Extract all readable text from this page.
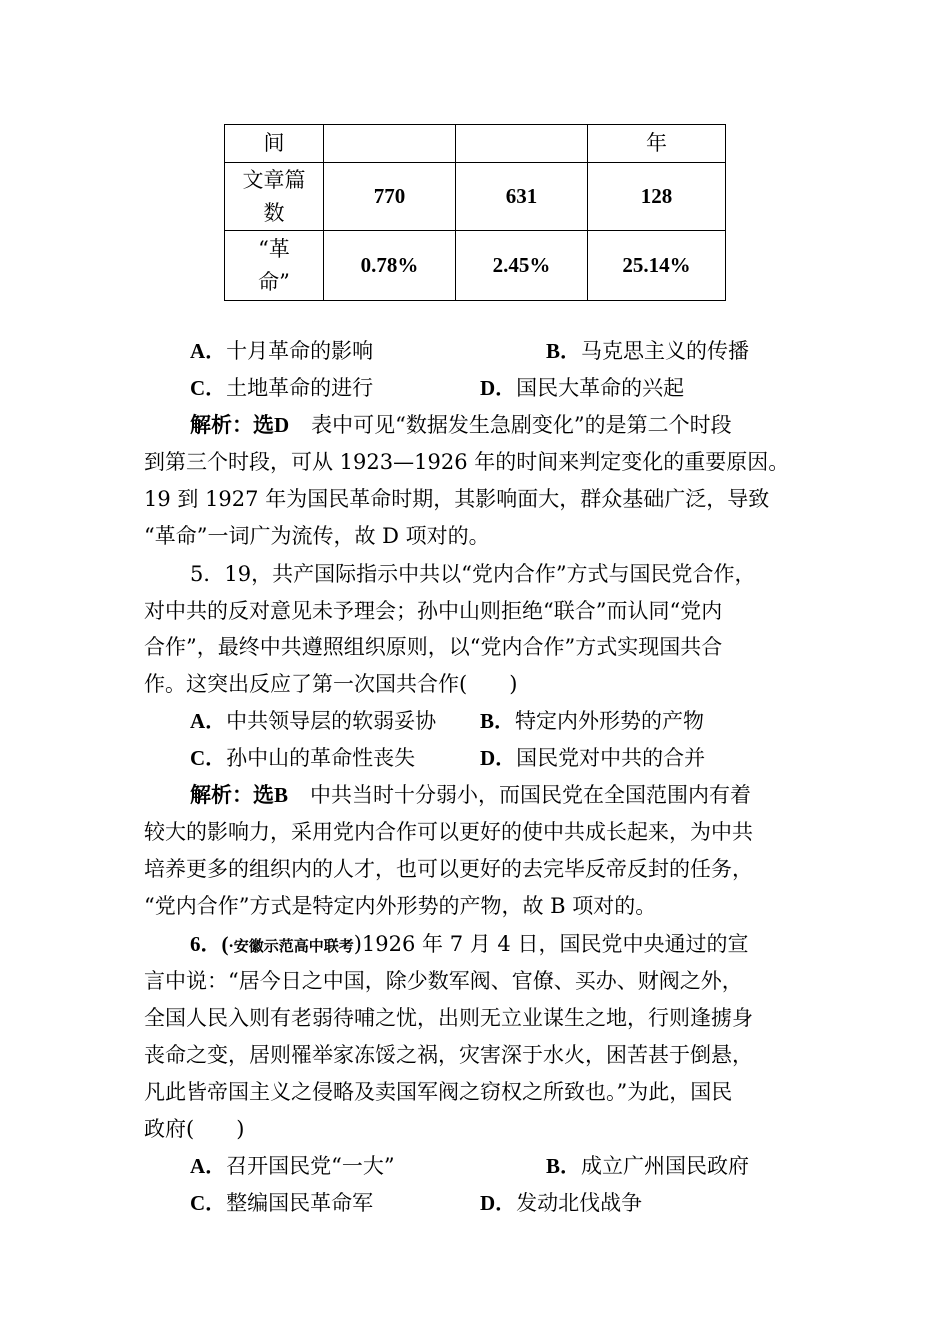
间			年
文章篇
数	770	631	128
“革
命”	0.78%	2.45%	25.14%
A．十月革命的影响	B．马克思主义的传播
C．土地革命的进行	D．国民大革命的兴起
解析：选D 表中可见“数据发生急剧变化”的是第二个时段
到第三个时段，可从 1923—1926 年的时间来判定变化的重要原因。
19 到 1927 年为国民革命时期，其影响面大，群众基础广泛，导致
“革命”一词广为流传，故 D 项对的。
5．19，共产国际指示中共以“党内合作”方式与国民党合作，
对中共的反对意见未予理会；孙中山则拒绝“联合”而认同“党内
合作”，最终中共遵照组织原则，以“党内合作”方式实现国共合
作。这突出反应了第一次国共合作(　　)
A．中共领导层的软弱妥协 B．特定内外形势的产物
C．孙中山的革命性丧失	D．国民党对中共的合并
解析：选B 中共当时十分弱小，而国民党在全国范围内有着
较大的影响力，采用党内合作可以更好的使中共成长起来，为中共
培养更多的组织内的人才，也可以更好的去完毕反帝反封的任务，
“党内合作”方式是特定内外形势的产物，故 B 项对的。
6．(·安徽示范高中联考)1926 年 7 月 4 日，国民党中央通过的宣
言中说：“居今日之中国，除少数军阀、官僚、买办、财阀之外，
全国人民入则有老弱待哺之忧，出则无立业谋生之地，行则逢掳身
丧命之变，居则罹举家冻馁之祸，灾害深于水火，困苦甚于倒悬，
凡此皆帝国主义之侵略及卖国军阀之窃权之所致也。”为此，国民
政府(　　)
A．召开国民党“一大”	B．成立广州国民政府
C．整编国民革命军	D．发动北伐战争
